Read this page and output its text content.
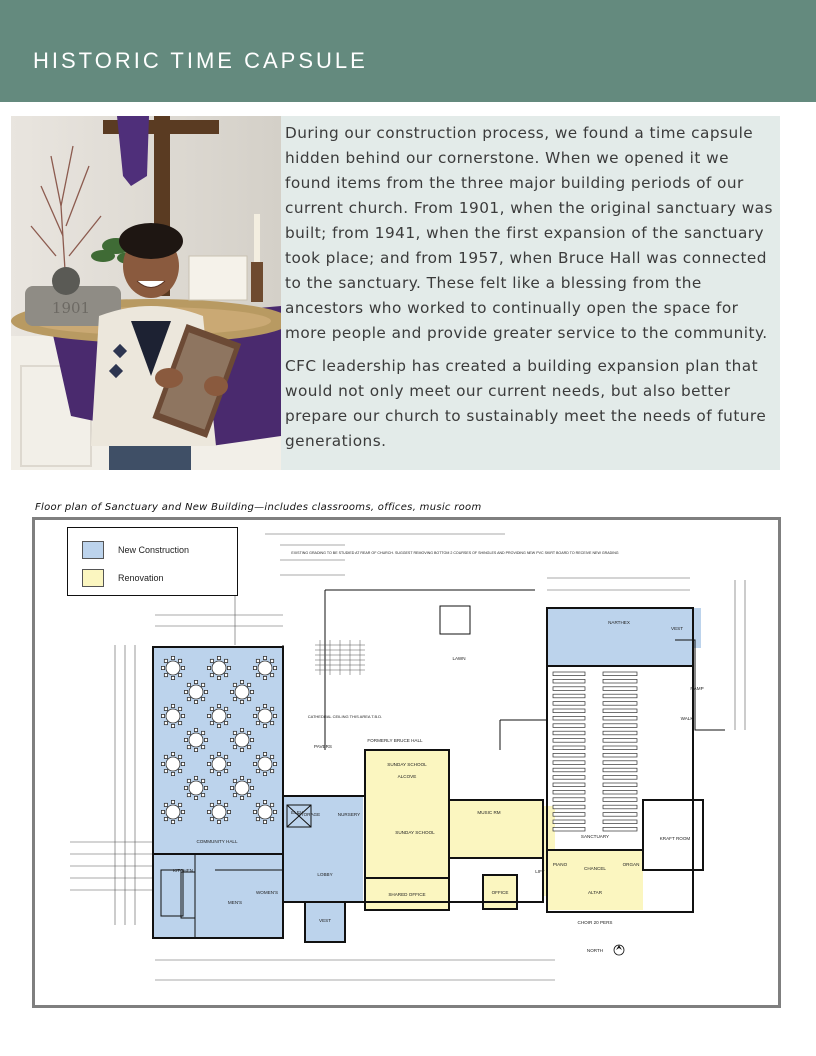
HISTORIC TIME CAPSULE
1901

During our construction process, we found a time capsule hidden behind our cornerstone. When we opened it we found items from the three major building periods of our current church. From 1901, when the original sanctuary was built; from 1941, when the first expansion of the sanctuary took place; and from 1957, when Bruce Hall was connected to the sanctuary. These felt like a blessing from the ancestors who worked to continually open the space for more people and provide greater service to the community.

CFC leadership has created a building expansion plan that would not only meet our current needs, but also better prepare our church to sustainably meet the needs of future generations.

Floor plan of Sanctuary and New Building—includes classrooms, offices, music room
COMMUNITY HALL
KITCHEN
MEN'S
WOMEN'S
STORAGE	NURSERY
LOBBY
VEST
PAVERS
LAWN
FORMERLY BRUCE HALL
SUNDAY SCHOOL
ALCOVE
SUNDAY SCHOOL
MUSIC RM
SHARED OFFICE	OFFICE
LIFT
ELEV
NARTHEX
VEST
SANCTUARY
CHANCEL
ALTAR
PIANO	ORGAN
CHOIR 20 PERS
KRAFT ROOM
RAMP
WALK
NORTH
CATHEDRAL CEILING THIS AREA T.B.D.
EXISTING GRADING TO BE STUDIED AT REAR OF CHURCH. SUGGEST REMOVING BOTTOM 2 COURSES OF SHINGLES AND PROVIDING NEW PVC SKIRT BOARD TO RECEIVE NEW GRADING
New Construction
Renovation
